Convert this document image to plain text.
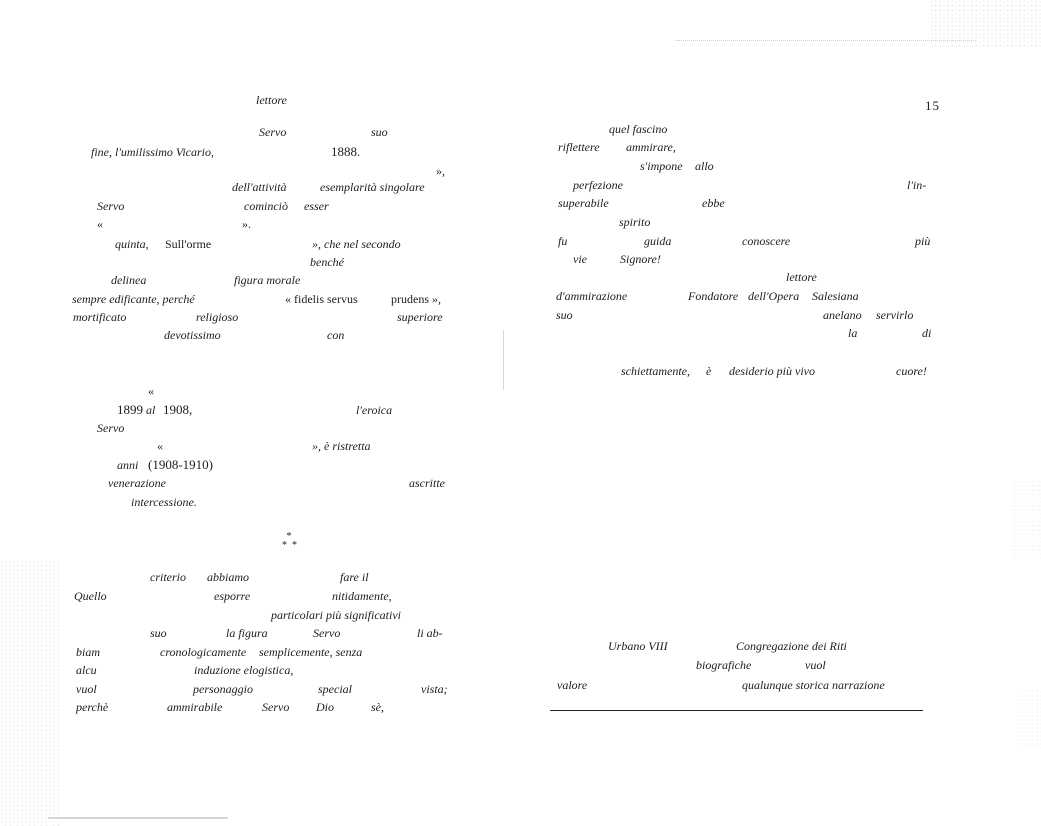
lettore
Servo	suo
fine, l'umilissimo Vicario,	1888.
»,
dell'attività	esemplarità singolare
Servo	cominciò esser
«	».
quinta, Sull'orme	», che nel secondo
benché
delinea	figura morale
sempre edificante, perché	« fidelis servus	prudens »,
mortificato	religioso	superiore
devotissimo	con
«
1899 al 1908,	l'eroica
Servo
«	», è ristretta
anni (1908-1910)
venerazione	ascritte
intercessione.
*
**
criterio abbiamo	fare il
Quello	esporre	nitidamente,
particolari più significativi
suo	la figura	Servo	li ab-
biam	cronologicamente semplicemente, senza
alcu	induzione elogistica,
vuol	personaggio	special	vista;
perchè	ammirabile	Servo Dio	sè,
15
quel fascino
riflettere ammirare,
s'impone allo
perfezione	l'in-
superabile	ebbe
spirito
fu	guida	conoscere	più
vie	Signore!
lettore
d'ammirazione	Fondatore dell'Opera Salesiana
suo	anelano servirlo
la	di
schiettamente, è desiderio più vivo	cuore!
Urbano VIII	Congregazione dei Riti
biografiche	vuol
valore	qualunque storica narrazione
